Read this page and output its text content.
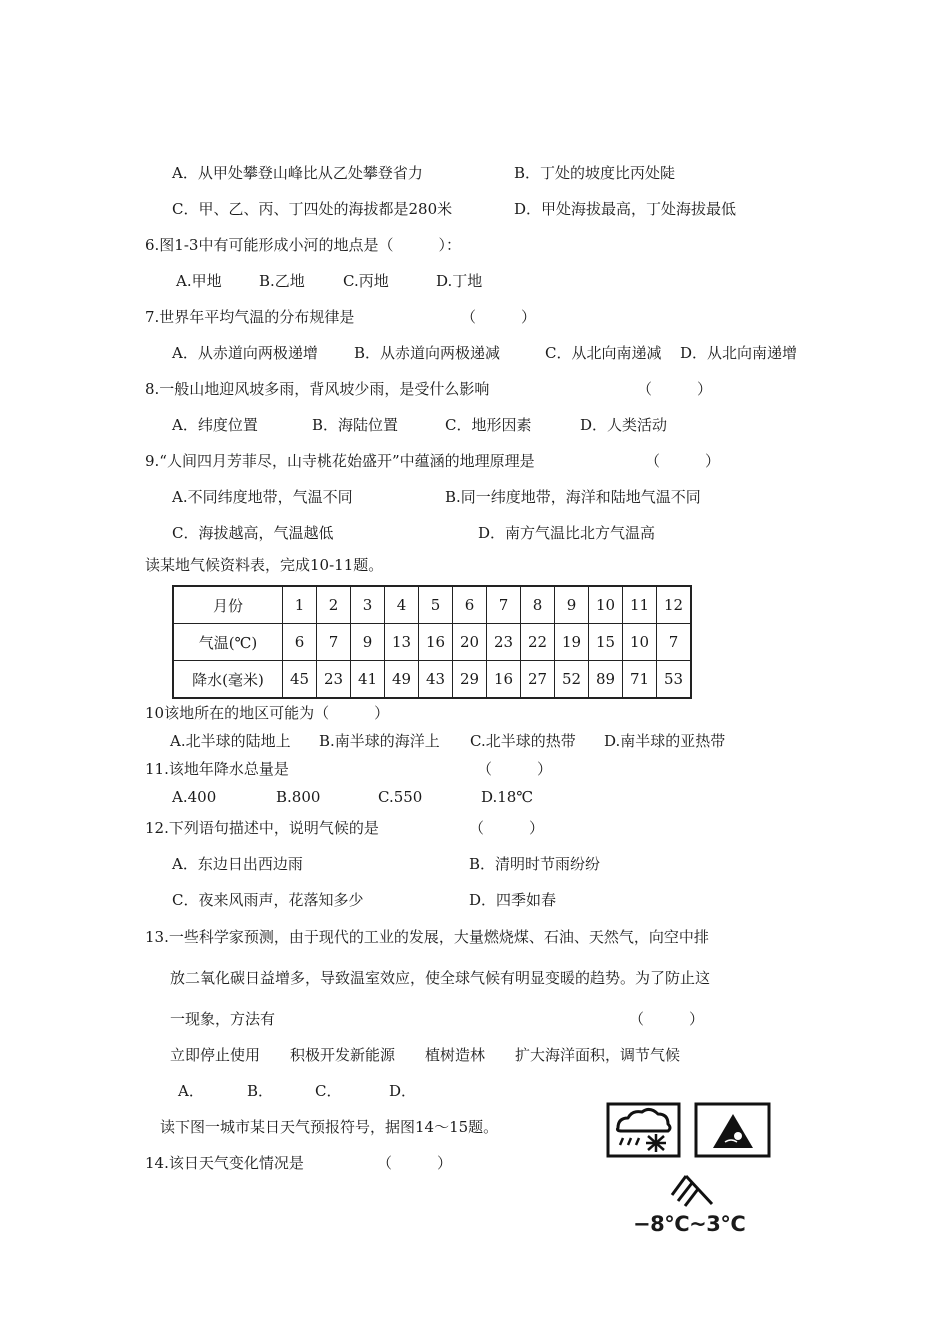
A．从甲处攀登山峰比从乙处攀登省力	B．丁处的坡度比丙处陡
C．甲、乙、丙、丁四处的海拔都是280米	D．甲处海拔最高，丁处海拔最低
6.图1-3中有可能形成小河的地点是（　　　）：
A.甲地 B.乙地	C.丙地	D.丁地
7.世界年平均气温的分布规律是	（　　　）
A．从赤道向两极递增 B．从赤道向两极递减	C．从北向南递减 D．从北向南递增
8.一般山地迎风坡多雨，背风坡少雨，是受什么影响	（　　　）
A．纬度位置	B．海陆位置	C．地形因素	D．人类活动
9.“人间四月芳菲尽，山寺桃花始盛开”中蕴涵的地理原理是	（　　　）
A.不同纬度地带，气温不同	B.同一纬度地带，海洋和陆地气温不同
C．海拔越高，气温越低	D．南方气温比北方气温高
读某地气候资料表，完成10-11题。
月份	1	2	3	4	5	6	7	8	9	10	11	12
气温(℃)	6	7	9	13	16	20	23	22	19	15	10	7
降水(毫米)	45	23	41	49	43	29	16	27	52	89	71	53
10该地所在的地区可能为（　　　）
A.北半球的陆地上 B.南半球的海洋上 C.北半球的热带 D.南半球的亚热带
11.该地年降水总量是	（　　　）
A.400	B.800	C.550	D.18℃
12.下列语句描述中，说明气候的是	（　　　）
A．东边日出西边雨	B．清明时节雨纷纷
C．夜来风雨声，花落知多少	D．四季如春
13.一些科学家预测，由于现代的工业的发展，大量燃烧煤、石油、天然气，向空中排
放二氧化碳日益增多，导致温室效应，使全球气候有明显变暖的趋势。为了防止这
一现象，方法有	（　　　）
立即停止使用　　积极开发新能源　　植树造林　　扩大海洋面积，调节气候
A．	B．	C．	D．
读下图一城市某日天气预报符号，据图14～15题。
14.该日天气变化情况是	（　　　）
−8℃~3℃
